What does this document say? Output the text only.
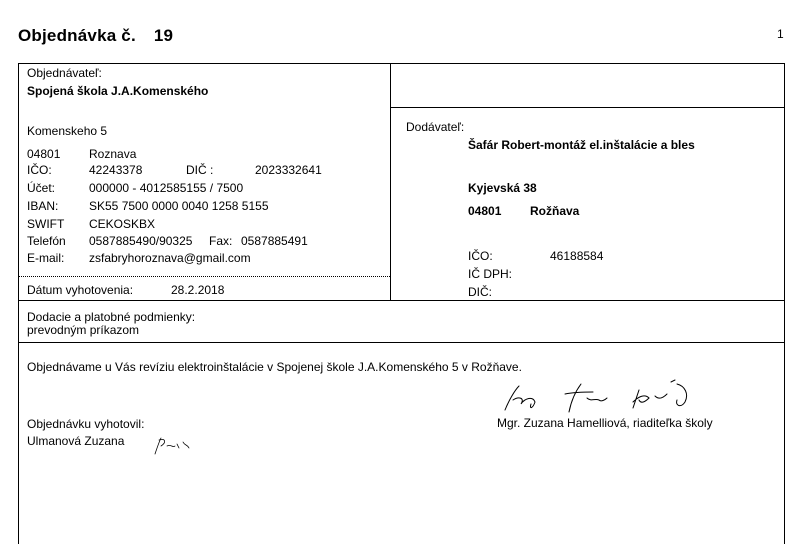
Objednávka č. 19	1
Objednávateľ:
Spojená škola J.A.Komenského
Komenskeho 5
04801 Roznava
IČO:	42243378	DIČ :	2023332641
Účet:	000000 - 4012585155 / 7500
IBAN:	SK55 7500 0000 0040 1258 5155
SWIFT CEKOSKBX
Telefón 0587885490/90325 Fax: 0587885491
E-mail: zsfabryhoroznava@gmail.com
Dátum vyhotovenia:	28.2.2018
Dodávateľ:
Šafár Robert-montáž el.inštalácie a bles
Kyjevská 38
04801 Rožňava
IČO:	46188584
IČ DPH:
DIČ:
Dodacie a platobné podmienky:
prevodným príkazom
Objednávame u Vás revíziu elektroinštalácie v Spojenej škole J.A.Komenského 5 v Rožňave.
Objednávku vyhotovil:
Ulmanová Zuzana
Mgr. Zuzana Hamelliová, riaditeľka školy
